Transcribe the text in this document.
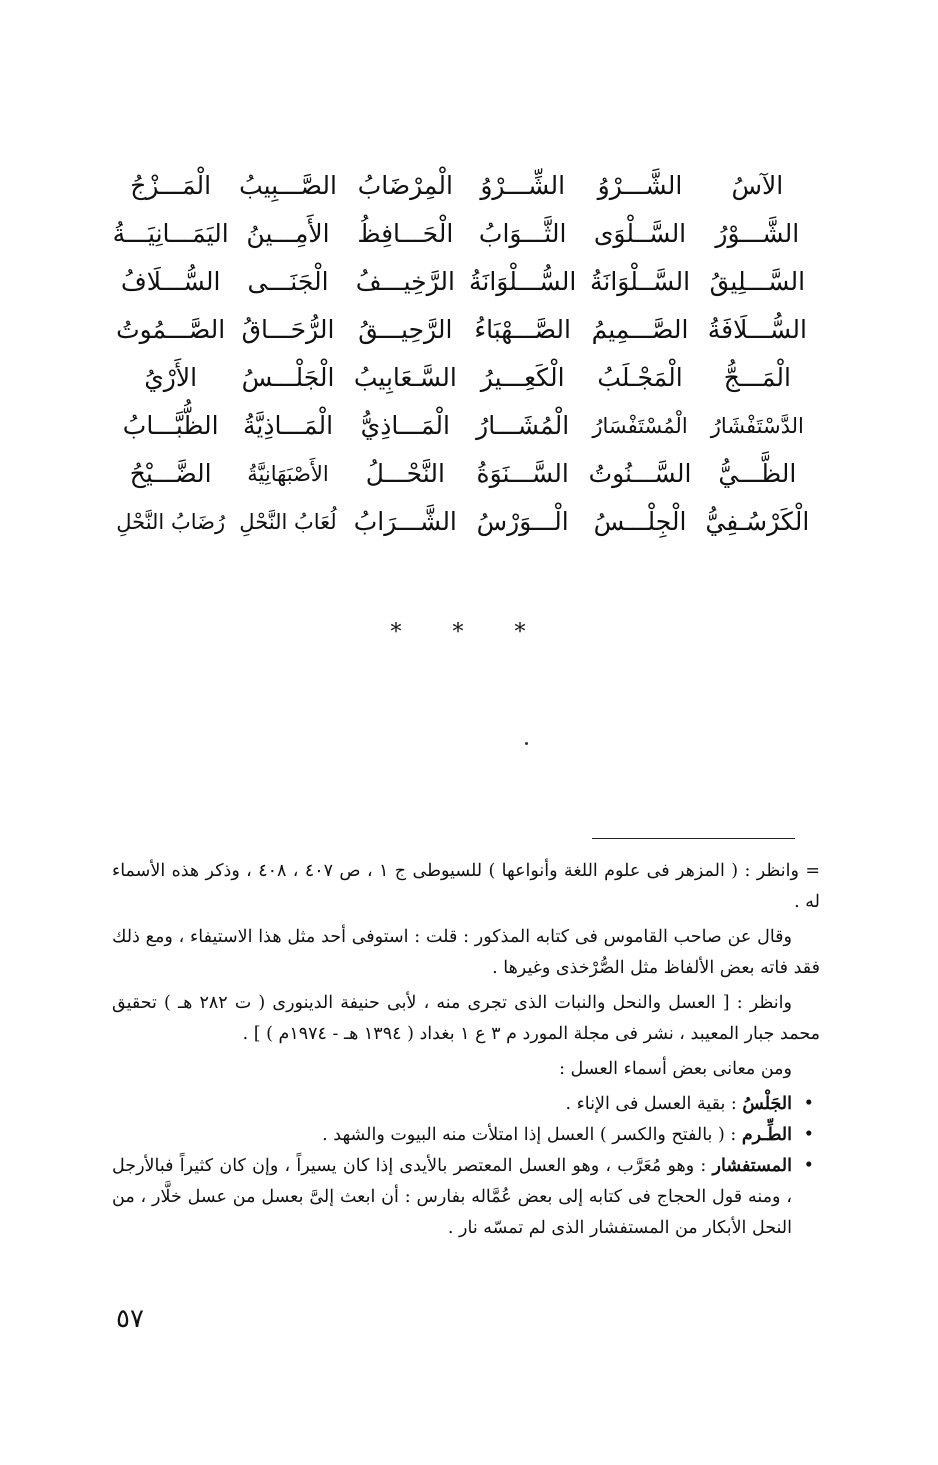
الآسُ
الشَّـــرْوُ
الشِّـــرْوُ
الْمِرْضَابُ
الصَّـــبِيبُ
الْمَـــزْجُ
الشَّـــوْرُ
السَّــلْوَى
الثَّـــوَابُ
الْحَـــافِظُ
الأَمِـــينُ
اليَمَـــانِيَـــةُ
السَّـــلِيقُ
السَّــلْوَانَةُ
السُّـــلْوَانَةُ
الرَّخِيـــفُ
الْجَنَـــى
السُّـــلَافُ
السُّـــلَافَةُ
الصَّـــمِيمُ
الصَّـــهْبَاءُ
الرَّحِيـــقُ
الرُّحَـــاقُ
الصَّـــمُوتُ
الْمَـــجُّ
الْمَجْـلَبُ
الْكَعِـــيرُ
السَّـعَابِيبُ
الْجَلْـــسُ
الأَرْيُ
الدَّسْتَفْشَارُ
الْمُسْتَفْسَارُ
الْمُشَـــارُ
الْمَـــاذِيُّ
الْمَـــاذِيَّةُ
الظُّبَّـــابُ
الظَّـــيُّ
السَّـــنُوتُ
السَّـــنَوَةُ
النَّحْـــلُ
الأَصْبَهَانِيَّةُ
الضَّـــيْحُ
الْكَرْسُـفِيُّ
الْجِلْـــسُ
الْـــوَرْسُ
الشَّـــرَابُ
لُعَابُ النَّحْلِ
رُضَابُ النَّحْلِ
* * *

= وانظر : ( المزهر فى علوم اللغة وأنواعها ) للسيوطى ج ١ ، ص ٤٠٧ ، ٤٠٨ ، وذكر هذه الأسماء له .

وقال عن صاحب القاموس فى كتابه المذكور : قلت : استوفى أحد مثل هذا الاستيفاء ، ومع ذلك فقد فاته بعض الألفاظ مثل الصُّرْخذى وغيرها .

وانظر : [ العسل والنحل والنبات الذى تجرى منه ، لأبى حنيفة الدينورى ( ت ٢٨٢ هـ ) تحقيق محمد جبار المعيبد ، نشر فى مجلة المورد م ٣ ع ١ بغداد ( ١٣٩٤ هـ - ١٩٧٤م ) ] .

ومن معانى بعض أسماء العسل :

•
الجَلْسُ : بقية العسل فى الإناء .

•
الطِّـرم : ( بالفتح والكسر ) العسل إذا امتلأت منه البيوت والشهد .

•
المستفشار : وهو مُعَرَّب ، وهو العسل المعتصر بالأيدى إذا كان يسيراً ، وإن كان كثيراً فبالأرجل ، ومنه قول الحجاج فى كتابه إلى بعض عُمَّاله بفارس : أن ابعث إلىَّ بعسل من عسل خلَّار ، من النحل الأبكار من المستفشار الذى لم تمسّه نار .

٥٧
